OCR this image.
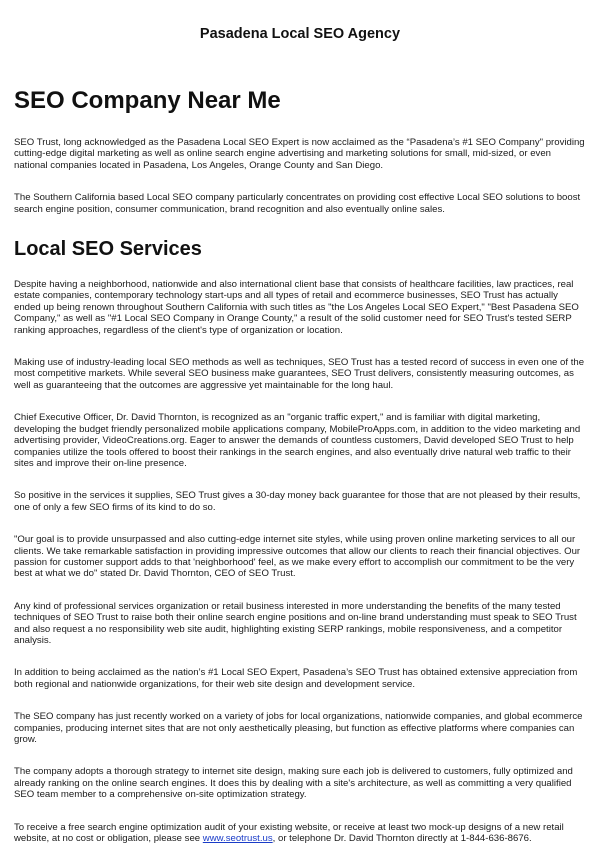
Pasadena Local SEO Agency
SEO Company Near Me

SEO Trust, long acknowledged as the Pasadena Local SEO Expert is now acclaimed as the “Pasadena’s #1 SEO Company" providing cutting-edge digital marketing as well as online search engine advertising and marketing solutions for small, mid-sized, or even national companies located in Pasadena, Los Angeles, Orange County and San Diego.

The Southern California based Local SEO company particularly concentrates on providing cost effective Local SEO solutions to boost search engine position, consumer communication, brand recognition and also eventually online sales.

Local SEO Services

Despite having a neighborhood, nationwide and also international client base that consists of healthcare facilities, law practices, real estate companies, contemporary technology start-ups and all types of retail and ecommerce businesses, SEO Trust has actually ended up being renown throughout Southern California with such titles as "the Los Angeles Local SEO Expert," "Best Pasadena SEO Company," as well as "#1 Local SEO Company in Orange County," a result of the solid customer need for SEO Trust's tested SERP ranking approaches, regardless of the client's type of organization or location.

Making use of industry-leading local SEO methods as well as techniques, SEO Trust has a tested record of success in even one of the most competitive markets. While several SEO business make guarantees, SEO Trust delivers, consistently measuring outcomes, as well as guaranteeing that the outcomes are aggressive yet maintainable for the long haul.

Chief Executive Officer, Dr. David Thornton, is recognized as an "organic traffic expert," and is familiar with digital marketing, developing the budget friendly personalized mobile applications company, MobileProApps.com, in addition to the video marketing and advertising provider, VideoCreations.org. Eager to answer the demands of countless customers, David developed SEO Trust to help companies utilize the tools offered to boost their rankings in the search engines, and also eventually drive natural web traffic to their sites and improve their on-line presence.

So positive in the services it supplies, SEO Trust gives a 30-day money back guarantee for those that are not pleased by their results, one of only a few SEO firms of its kind to do so.

"Our goal is to provide unsurpassed and also cutting-edge internet site styles, while using proven online marketing services to all our clients. We take remarkable satisfaction in providing impressive outcomes that allow our clients to reach their financial objectives. Our passion for customer support adds to that 'neighborhood' feel, as we make every effort to accomplish our commitment to be the very best at what we do" stated Dr. David Thornton, CEO of SEO Trust.

Any kind of professional services organization or retail business interested in more understanding the benefits of the many tested techniques of SEO Trust to raise both their online search engine positions and on-line brand understanding must speak to SEO Trust and also request a no responsibility web site audit, highlighting existing SERP rankings, mobile responsiveness, and a competitor analysis.

In addition to being acclaimed as the nation’s #1 Local SEO Expert, Pasadena’s SEO Trust has obtained extensive appreciation from both regional and nationwide organizations, for their web site design and development service.

The SEO company has just recently worked on a variety of jobs for local organizations, nationwide companies, and global ecommerce companies, producing internet sites that are not only aesthetically pleasing, but function as effective platforms where companies can grow.

The company adopts a thorough strategy to internet site design, making sure each job is delivered to customers, fully optimized and already ranking on the online search engines. It does this by dealing with a site's architecture, as well as committing a very qualified SEO team member to a comprehensive on-site optimization strategy.

To receive a free search engine optimization audit of your existing website, or receive at least two mock-up designs of a new retail website, at no cost or obligation, please see www.seotrust.us, or telephone Dr. David Thornton directly at 1-844-636-8676.
